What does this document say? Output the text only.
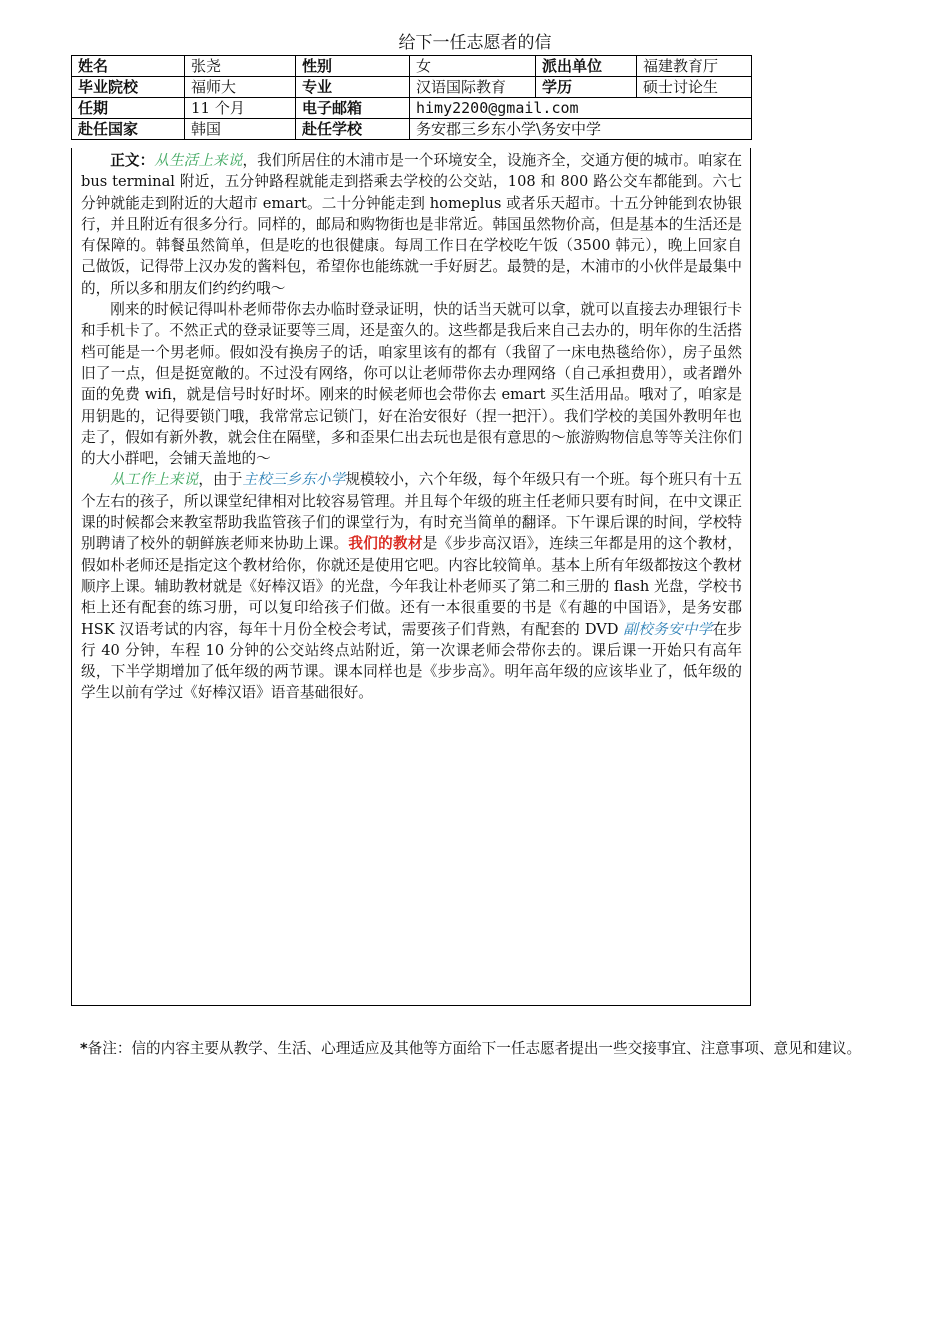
给下一任志愿者的信
姓名	张尧	性别	女	派出单位	福建教育厅
毕业院校	福师大	专业	汉语国际教育	学历	硕士讨论生
任期	11 个月	电子邮箱	himy2200@gmail.com		
赴任国家	韩国	赴任学校	务安郡三乡东小学\务安中学		

正文：从生活上来说，我们所居住的木浦市是一个环境安全，设施齐全，交通方便的城市。咱家在 bus terminal 附近，五分钟路程就能走到搭乘去学校的公交站，108 和 800 路公交车都能到。六七分钟就能走到附近的大超市 emart。二十分钟能走到 homeplus 或者乐天超市。十五分钟能到农协银行，并且附近有很多分行。同样的，邮局和购物街也是非常近。韩国虽然物价高，但是基本的生活还是有保障的。韩餐虽然简单，但是吃的也很健康。每周工作日在学校吃午饭（3500 韩元），晚上回家自己做饭，记得带上汉办发的酱料包，希望你也能练就一手好厨艺。最赞的是，木浦市的小伙伴是最集中的，所以多和朋友们约约约哦～

刚来的时候记得叫朴老师带你去办临时登录证明，快的话当天就可以拿，就可以直接去办理银行卡和手机卡了。不然正式的登录证要等三周，还是蛮久的。这些都是我后来自己去办的，明年你的生活搭档可能是一个男老师。假如没有换房子的话，咱家里该有的都有（我留了一床电热毯给你），房子虽然旧了一点，但是挺宽敞的。不过没有网络，你可以让老师带你去办理网络（自己承担费用），或者蹭外面的免费 wifi，就是信号时好时坏。刚来的时候老师也会带你去 emart 买生活用品。哦对了，咱家是用钥匙的，记得要锁门哦，我常常忘记锁门，好在治安很好（捏一把汗）。我们学校的美国外教明年也走了，假如有新外教，就会住在隔壁，多和歪果仁出去玩也是很有意思的～旅游购物信息等等关注你们的大小群吧，会铺天盖地的～

从工作上来说，由于主校三乡东小学规模较小，六个年级，每个年级只有一个班。每个班只有十五个左右的孩子，所以课堂纪律相对比较容易管理。并且每个年级的班主任老师只要有时间，在中文课正课的时候都会来教室帮助我监管孩子们的课堂行为，有时充当简单的翻译。下午课后课的时间，学校特别聘请了校外的朝鲜族老师来协助上课。我们的教材是《步步高汉语》，连续三年都是用的这个教材，假如朴老师还是指定这个教材给你，你就还是使用它吧。内容比较简单。基本上所有年级都按这个教材顺序上课。辅助教材就是《好棒汉语》的光盘，今年我让朴老师买了第二和三册的 flash 光盘，学校书柜上还有配套的练习册，可以复印给孩子们做。还有一本很重要的书是《有趣的中国语》，是务安郡 HSK 汉语考试的内容，每年十月份全校会考试，需要孩子们背熟，有配套的 DVD 副校务安中学在步行 40 分钟，车程 10 分钟的公交站终点站附近，第一次课老师会带你去的。课后课一开始只有高年级，下半学期增加了低年级的两节课。课本同样也是《步步高》。明年高年级的应该毕业了，低年级的学生以前有学过《好棒汉语》语音基础很好。

*备注：信的内容主要从教学、生活、心理适应及其他等方面给下一任志愿者提出一些交接事宜、注意事项、意见和建议。
